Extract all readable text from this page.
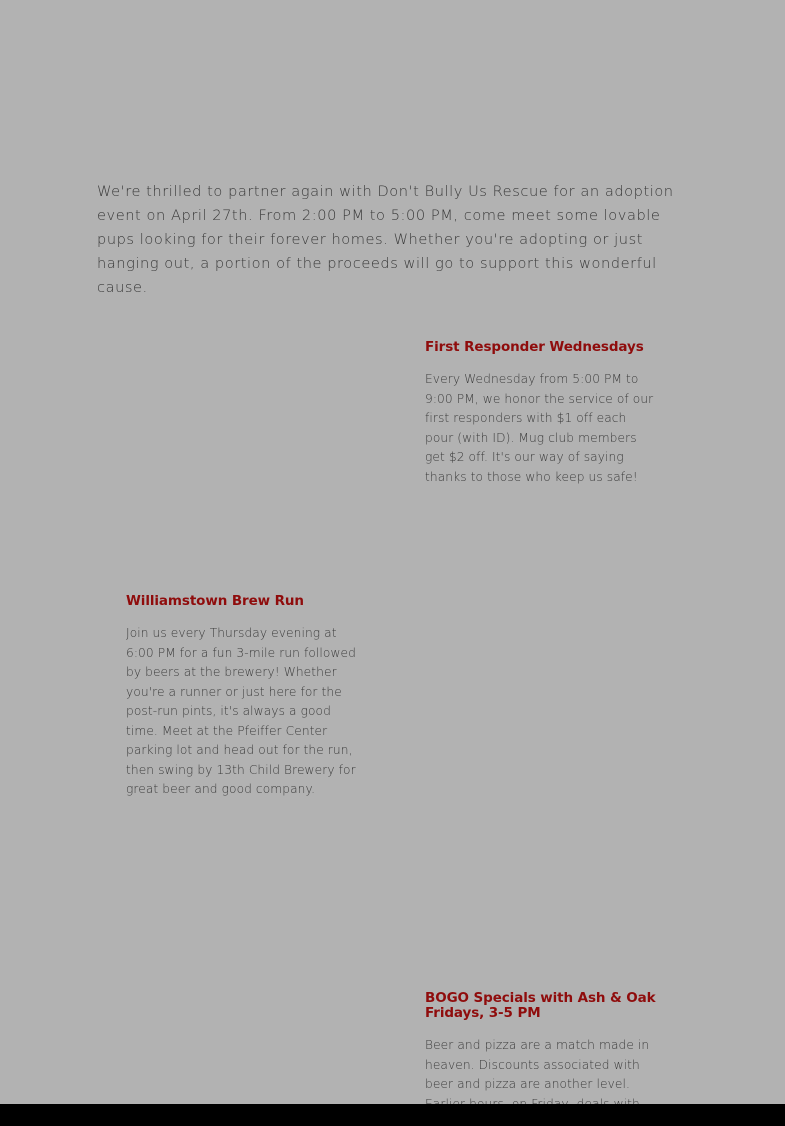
We're thrilled to partner again with Don't Bully Us Rescue for an adoption event on April 27th. From 2:00 PM to 5:00 PM, come meet some lovable pups looking for their forever homes. Whether you're adopting or just hanging out, a portion of the proceeds will go to support this wonderful cause.

First Responder Wednesdays

Every Wednesday from 5:00 PM to 9:00 PM, we honor the service of our first responders with $1 off each pour (with ID). Mug club members get $2 off. It's our way of saying thanks to those who keep us safe!

Williamstown Brew Run

Join us every Thursday evening at 6:00 PM for a fun 3-mile run followed by beers at the brewery! Whether you're a runner or just here for the post-run pints, it's always a good time. Meet at the Pfeiffer Center parking lot and head out for the run, then swing by 13th Child Brewery for great beer and good company.

BOGO Specials with Ash & Oak Fridays, 3-5 PM

Beer and pizza are a match made in heaven. Discounts associated with beer and pizza are another level.
